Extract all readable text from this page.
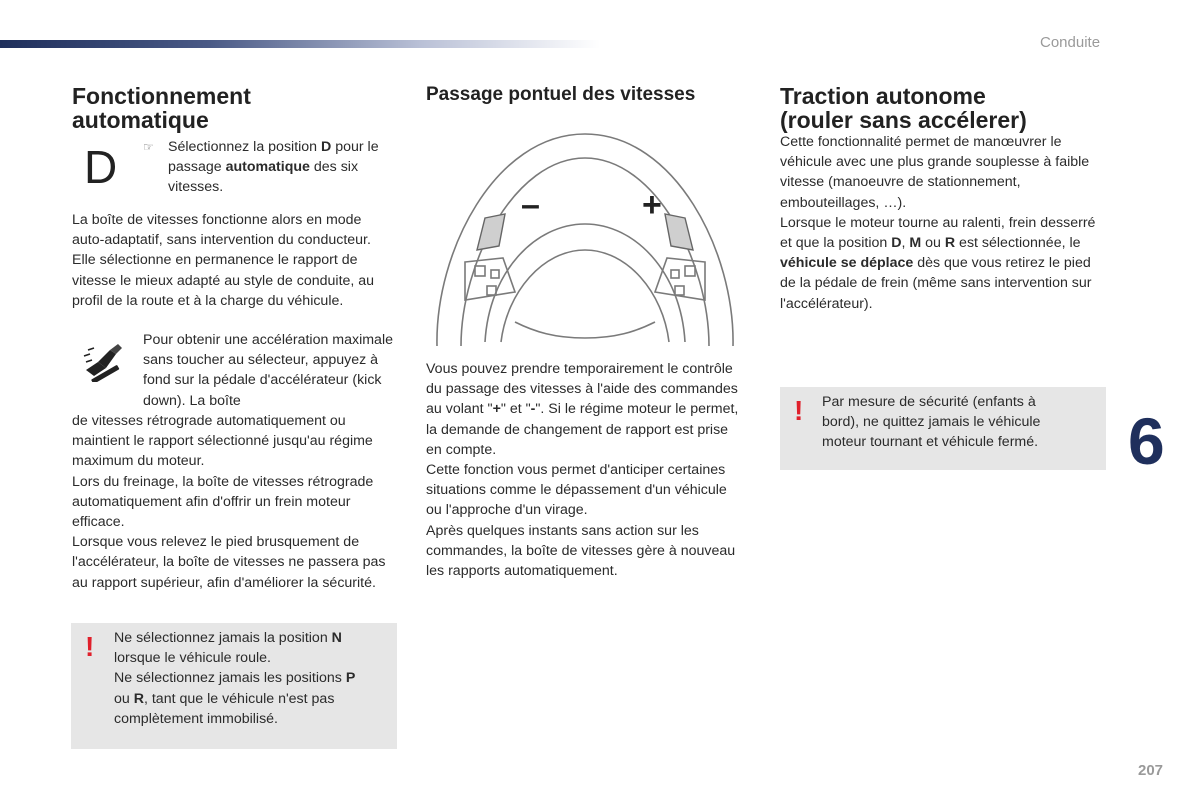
Conduite
Fonctionnement
automatique
D ☞ Sélectionnez la position D pour le passage automatique des six vitesses.

La boîte de vitesses fonctionne alors en mode auto-adaptatif, sans intervention du conducteur. Elle sélectionne en permanence le rapport de vitesse le mieux adapté au style de conduite, au profil de la route et à la charge du véhicule.

Pour obtenir une accélération maximale sans toucher au sélecteur, appuyez à fond sur la pédale d'accélérateur (kick down). La boîte

de vitesses rétrograde automatiquement ou maintient le rapport sélectionné jusqu'au régime maximum du moteur.

Lors du freinage, la boîte de vitesses rétrograde automatiquement afin d'offrir un frein moteur efficace.

Lorsque vous relevez le pied brusquement de l'accélérateur, la boîte de vitesses ne passera pas au rapport supérieur, afin d'améliorer la sécurité.

! Ne sélectionnez jamais la position N
lorsque le véhicule roule.
Ne sélectionnez jamais les positions P
ou R, tant que le véhicule n'est pas
complètement immobilisé.
Passage pontuel des vitesses
–	+

Vous pouvez prendre temporairement le contrôle du passage des vitesses à l'aide des commandes au volant "+" et "-". Si le régime moteur le permet, la demande de changement de rapport est prise en compte.

Cette fonction vous permet d'anticiper certaines situations comme le dépassement d'un véhicule ou l'approche d'un virage.

Après quelques instants sans action sur les commandes, la boîte de vitesses gère à nouveau les rapports automatiquement.

Traction autonome
(rouler sans accélerer)

Cette fonctionnalité permet de manœuvrer le véhicule avec une plus grande souplesse à faible vitesse (manoeuvre de stationnement, embouteillages, …).

Lorsque le moteur tourne au ralenti, frein desserré et que la position D, M ou R est sélectionnée, le véhicule se déplace dès que vous retirez le pied de la pédale de frein (même sans intervention sur l'accélérateur).

! Par mesure de sécurité (enfants à
bord), ne quittez jamais le véhicule
moteur tournant et véhicule fermé.	6
207
